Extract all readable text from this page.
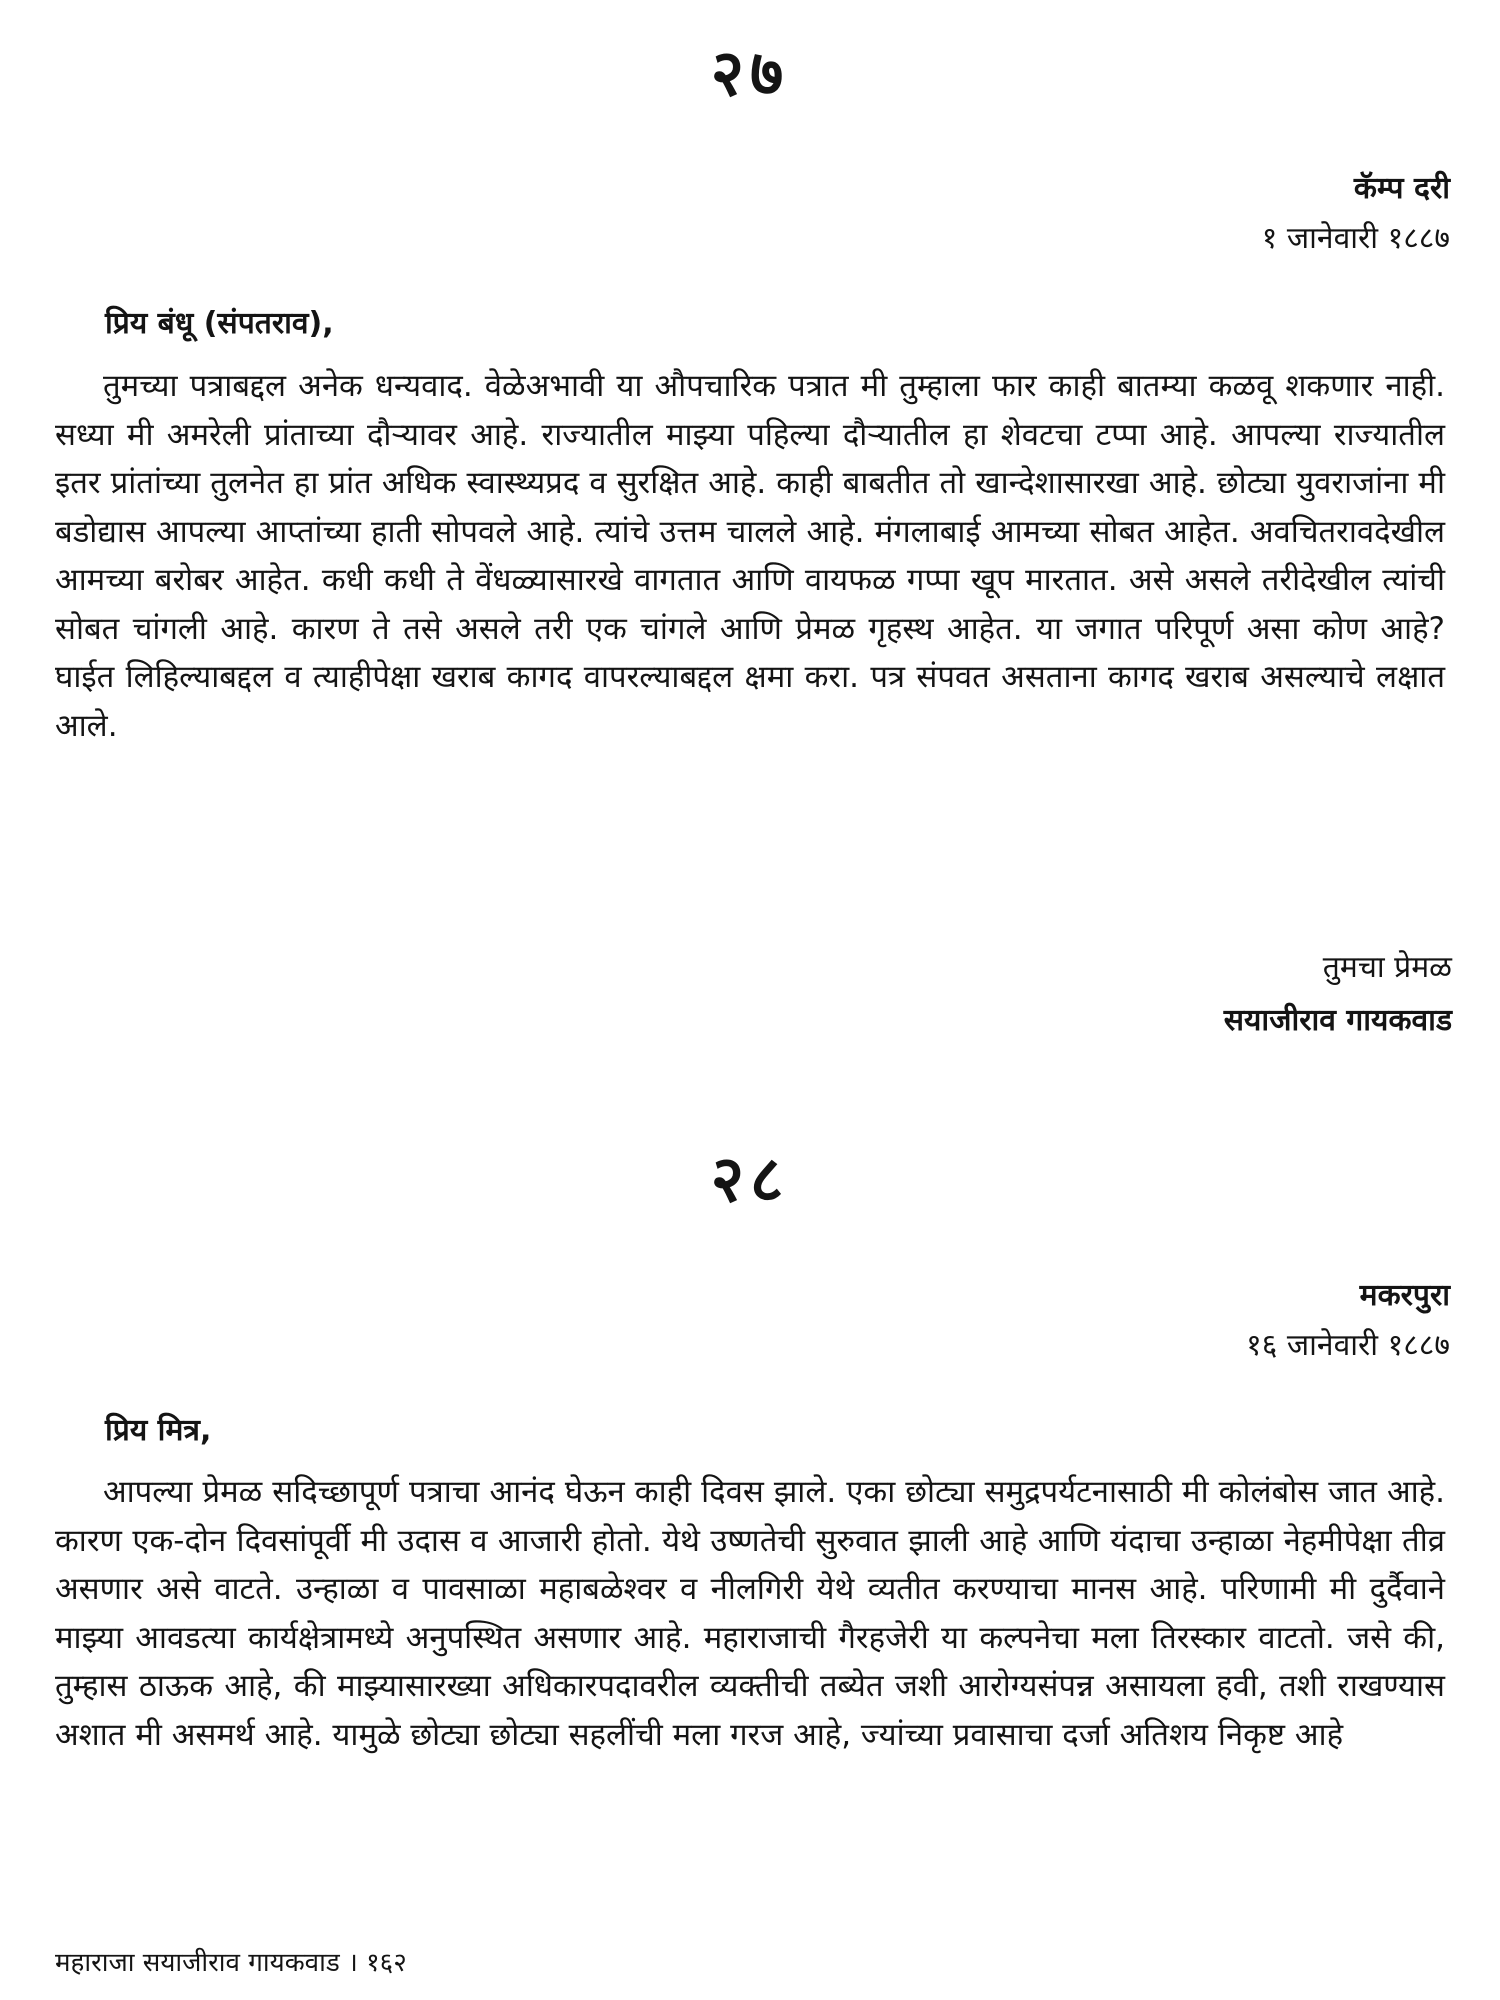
२७
कॅम्प दरी
१ जानेवारी १८८७
प्रिय बंधू (संपतराव),

तुमच्या पत्राबद्दल अनेक धन्यवाद. वेळेअभावी या औपचारिक पत्रात मी तुम्हाला फार काही बातम्या कळवू शकणार नाही. सध्या मी अमरेली प्रांताच्या दौऱ्यावर आहे. राज्यातील माझ्या पहिल्या दौऱ्यातील हा शेवटचा टप्पा आहे. आपल्या राज्यातील इतर प्रांतांच्या तुलनेत हा प्रांत अधिक स्वास्थ्यप्रद व सुरक्षित आहे. काही बाबतीत तो खान्देशासारखा आहे. छोट्या युवराजांना मी बडोद्यास आपल्या आप्तांच्या हाती सोपवले आहे. त्यांचे उत्तम चालले आहे. मंगलाबाई आमच्या सोबत आहेत. अवचितरावदेखील आमच्या बरोबर आहेत. कधी कधी ते वेंधळ्यासारखे वागतात आणि वायफळ गप्पा खूप मारतात. असे असले तरीदेखील त्यांची सोबत चांगली आहे. कारण ते तसे असले तरी एक चांगले आणि प्रेमळ गृहस्थ आहेत. या जगात परिपूर्ण असा कोण आहे? घाईत लिहिल्याबद्दल व त्याहीपेक्षा खराब कागद वापरल्याबद्दल क्षमा करा. पत्र संपवत असताना कागद खराब असल्याचे लक्षात आले.

तुमचा प्रेमळ
सयाजीराव गायकवाड
२८
मकरपुरा
१६ जानेवारी १८८७
प्रिय मित्र,

आपल्या प्रेमळ सदिच्छापूर्ण पत्राचा आनंद घेऊन काही दिवस झाले. एका छोट्या समुद्रपर्यटनासाठी मी कोलंबोस जात आहे. कारण एक-दोन दिवसांपूर्वी मी उदास व आजारी होतो. येथे उष्णतेची सुरुवात झाली आहे आणि यंदाचा उन्हाळा नेहमीपेक्षा तीव्र असणार असे वाटते. उन्हाळा व पावसाळा महाबळेश्वर व नीलगिरी येथे व्यतीत करण्याचा मानस आहे. परिणामी मी दुर्दैवाने माझ्या आवडत्या कार्यक्षेत्रामध्ये अनुपस्थित असणार आहे. महाराजाची गैरहजेरी या कल्पनेचा मला तिरस्कार वाटतो. जसे की, तुम्हास ठाऊक आहे, की माझ्यासारख्या अधिकारपदावरील व्यक्तीची तब्येत जशी आरोग्यसंपन्न असायला हवी, तशी राखण्यास अशात मी असमर्थ आहे. यामुळे छोट्या छोट्या सहलींची मला गरज आहे, ज्यांच्या प्रवासाचा दर्जा अतिशय निकृष्ट आहे

महाराजा सयाजीराव गायकवाड । १६२
